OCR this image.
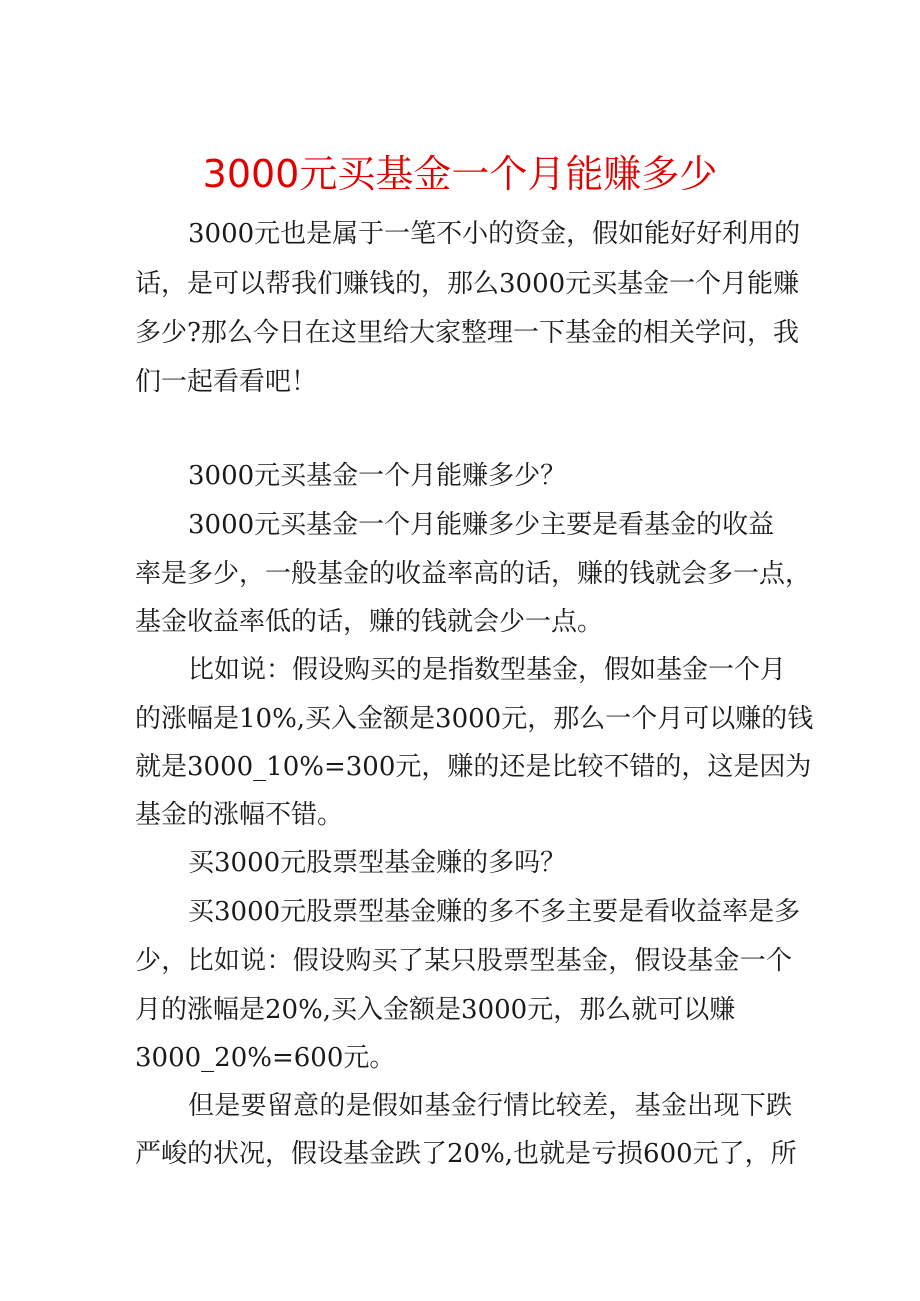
3000元买基金一个月能赚多少

3000元也是属于一笔不小的资金，假如能好好利用的

话，是可以帮我们赚钱的，那么3000元买基金一个月能赚

多少?那么今日在这里给大家整理一下基金的相关学问，我

们一起看看吧！

3000元买基金一个月能赚多少？

3000元买基金一个月能赚多少主要是看基金的收益

率是多少，一般基金的收益率高的话，赚的钱就会多一点，

基金收益率低的话，赚的钱就会少一点。

比如说：假设购买的是指数型基金，假如基金一个月

的涨幅是10%,买入金额是3000元，那么一个月可以赚的钱

就是3000_10%=300元，赚的还是比较不错的，这是因为

基金的涨幅不错。

买3000元股票型基金赚的多吗？

买3000元股票型基金赚的多不多主要是看收益率是多

少，比如说：假设购买了某只股票型基金，假设基金一个

月的涨幅是20%,买入金额是3000元，那么就可以赚

3000_20%=600元。

但是要留意的是假如基金行情比较差，基金出现下跌

严峻的状况，假设基金跌了20%,也就是亏损600元了，所
